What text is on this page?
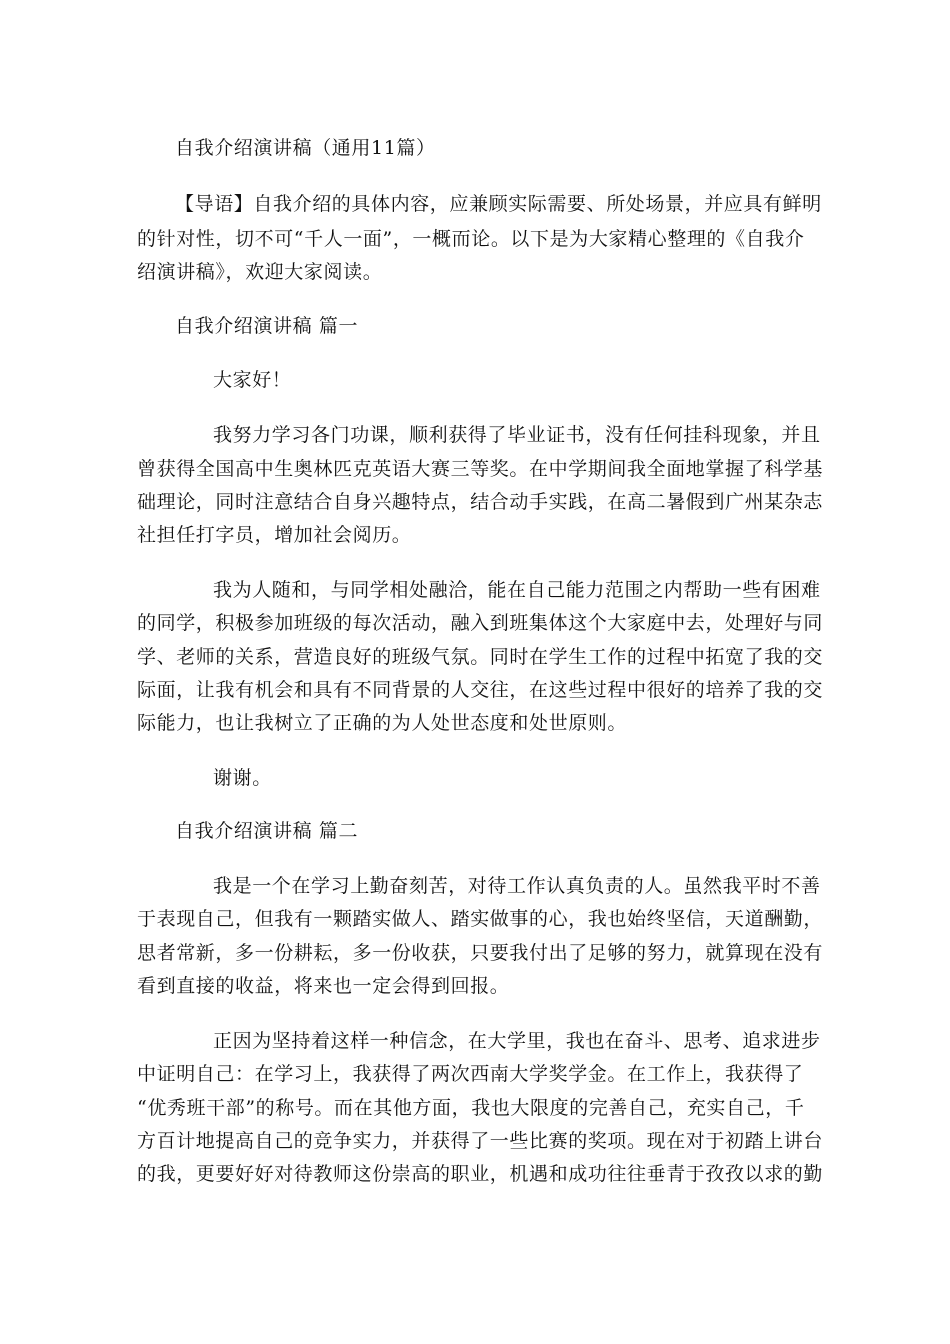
自我介绍演讲稿（通用11篇）
【导语】自我介绍的具体内容，应兼顾实际需要、所处场景，并应具有鲜明
的针对性，切不可“千人一面”，一概而论。以下是为大家精心整理的《自我介
绍演讲稿》，欢迎大家阅读。
自我介绍演讲稿 篇一
大家好！
我努力学习各门功课，顺利获得了毕业证书，没有任何挂科现象，并且
曾获得全国高中生奥林匹克英语大赛三等奖。在中学期间我全面地掌握了科学基
础理论，同时注意结合自身兴趣特点，结合动手实践，在高二暑假到广州某杂志
社担任打字员，增加社会阅历。
我为人随和，与同学相处融洽，能在自己能力范围之内帮助一些有困难
的同学，积极参加班级的每次活动，融入到班集体这个大家庭中去，处理好与同
学、老师的关系，营造良好的班级气氛。同时在学生工作的过程中拓宽了我的交
际面，让我有机会和具有不同背景的人交往，在这些过程中很好的培养了我的交
际能力，也让我树立了正确的为人处世态度和处世原则。
谢谢。
自我介绍演讲稿 篇二
我是一个在学习上勤奋刻苦，对待工作认真负责的人。虽然我平时不善
于表现自己，但我有一颗踏实做人、踏实做事的心，我也始终坚信，天道酬勤，
思者常新，多一份耕耘，多一份收获，只要我付出了足够的努力，就算现在没有
看到直接的收益，将来也一定会得到回报。
正因为坚持着这样一种信念，在大学里，我也在奋斗、思考、追求进步
中证明自己：在学习上，我获得了两次西南大学奖学金。在工作上，我获得了
“优秀班干部”的称号。而在其他方面，我也大限度的完善自己，充实自己，千
方百计地提高自己的竞争实力，并获得了一些比赛的奖项。现在对于初踏上讲台
的我，更要好好对待教师这份崇高的职业，机遇和成功往往垂青于孜孜以求的勤
